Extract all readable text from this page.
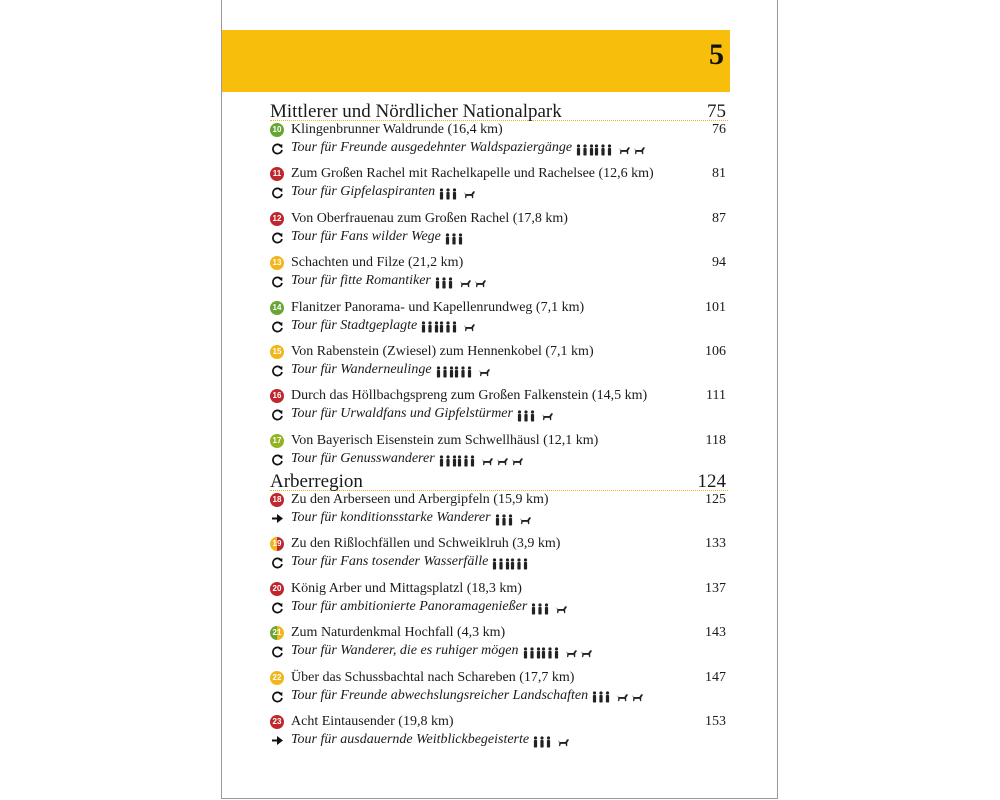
5
Mittlerer und Nördlicher Nationalpark	75
10 Klingenbrunner Waldrunde (16,4 km)	76
Tour für Freunde ausgedehnter Waldspaziergänge
11 Zum Großen Rachel mit Rachelkapelle und Rachelsee (12,6 km)	81
Tour für Gipfelaspiranten
12 Von Oberfrauenau zum Großen Rachel (17,8 km)	87
Tour für Fans wilder Wege
13 Schachten und Filze (21,2 km)	94
Tour für fitte Romantiker
14 Flanitzer Panorama- und Kapellenrundweg (7,1 km)	101
Tour für Stadtgeplagte
15 Von Rabenstein (Zwiesel) zum Hennenkobel (7,1 km)	106
Tour für Wanderneulinge
16 Durch das Höllbachgspreng zum Großen Falkenstein (14,5 km)	111
Tour für Urwaldfans und Gipfelstürmer
17 Von Bayerisch Eisenstein zum Schwellhäusl (12,1 km)	118
Tour für Genusswanderer
Arberregion	124
18 Zu den Arberseen und Arbergipfeln (15,9 km)	125
Tour für konditionsstarke Wanderer
19 Zu den Rißlochfällen und Schweiklruh (3,9 km)	133
Tour für Fans tosender Wasserfälle
20 König Arber und Mittagsplatzl (18,3 km)	137
Tour für ambitionierte Panoramagenießer
21 Zum Naturdenkmal Hochfall (4,3 km)	143
Tour für Wanderer, die es ruhiger mögen
22 Über das Schussbachtal nach Schareben (17,7 km)	147
Tour für Freunde abwechslungsreicher Landschaften
23 Acht Eintausender (19,8 km)	153
Tour für ausdauernde Weitblickbegeisterte
